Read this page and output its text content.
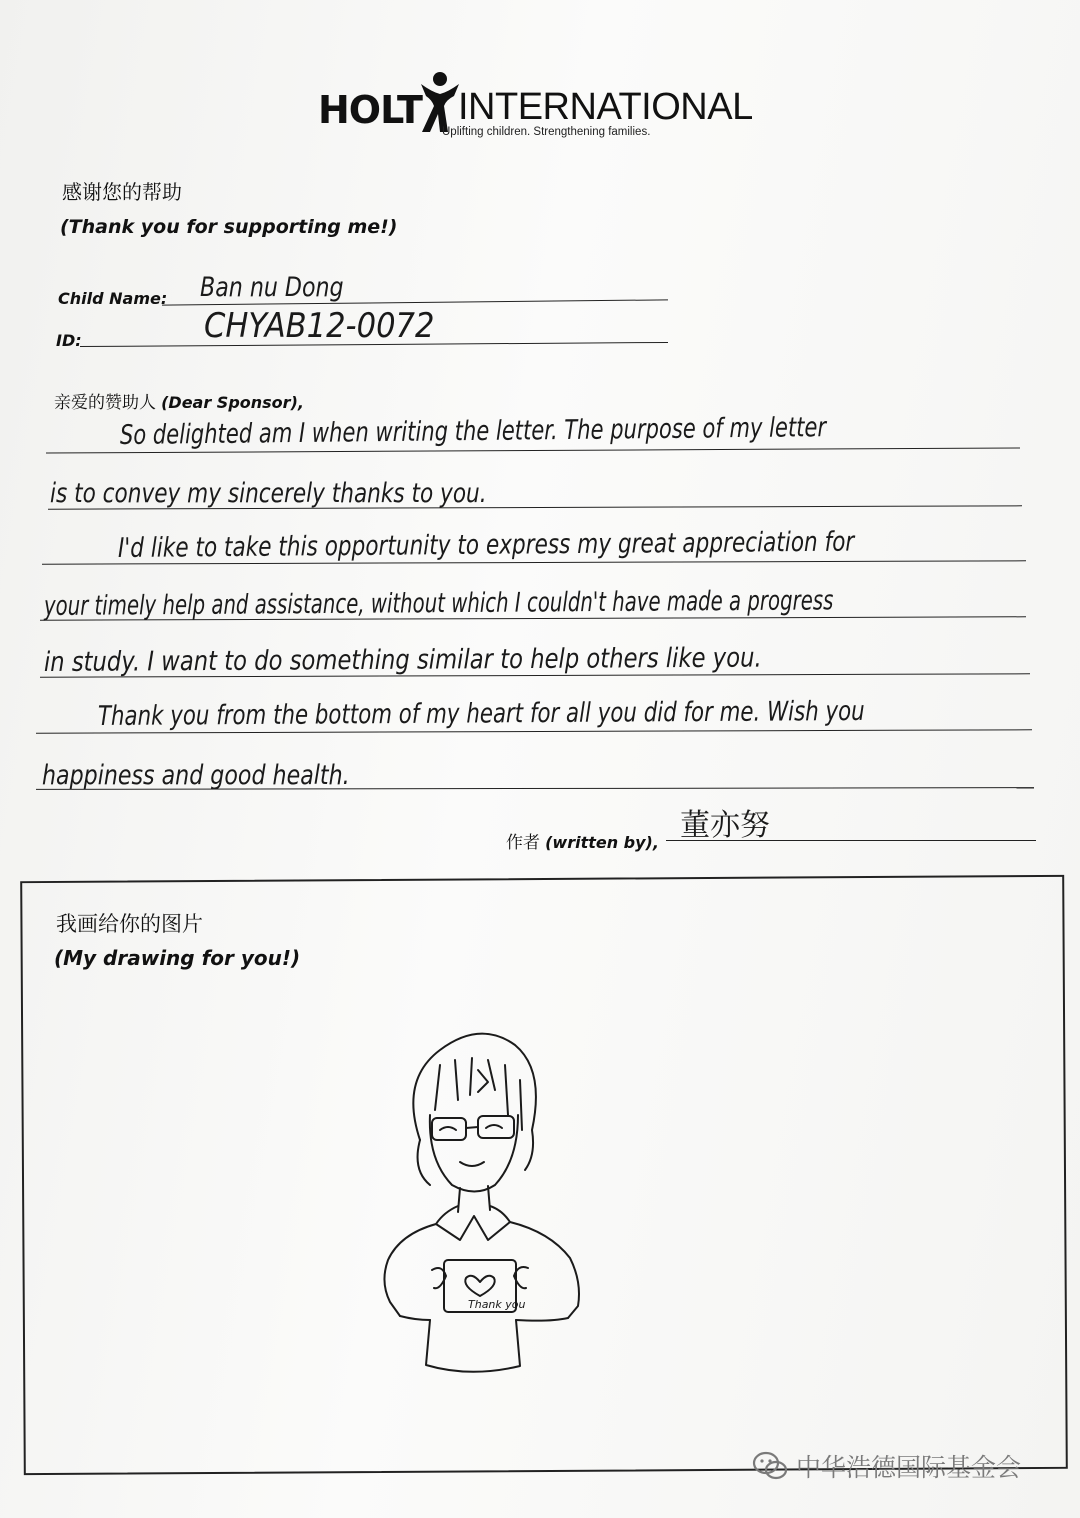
HOLT INTERNATIONAL
Uplifting children. Strengthening families.
感谢您的帮助
(Thank you for supporting me!)
Child Name: Ban nu Dong
ID:	CHYAB12-0072
亲爱的赞助人 (Dear Sponsor),
So delighted am I when writing the letter. The purpose of my letter
is to convey my sincerely thanks to you.
I'd like to take this opportunity to express my great appreciation for
your timely help and assistance, without which I couldn't have made a progress
in study. I want to do something similar to help others like you.
Thank you from the bottom of my heart for all you did for me. Wish you
happiness and good health.
作者 (written by), 董亦努
我画给你的图片
(My drawing for you!)
Thank you
中华浩德国际基金会
